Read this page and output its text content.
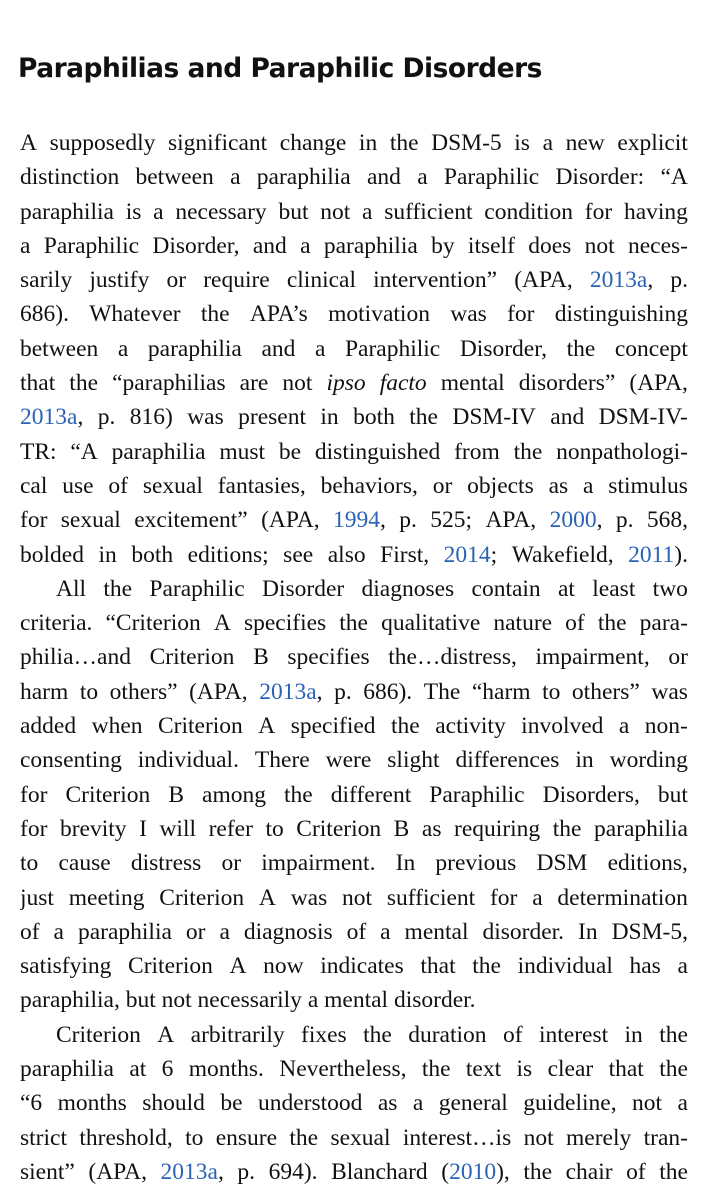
Paraphilias and Paraphilic Disorders
A supposedly significant change in the DSM-5 is a new explicit
distinction between a paraphilia and a Paraphilic Disorder: “A
paraphilia is a necessary but not a sufficient condition for having
a Paraphilic Disorder, and a paraphilia by itself does not neces-
sarily justify or require clinical intervention” (APA, 2013a, p.
686). Whatever the APA’s motivation was for distinguishing
between a paraphilia and a Paraphilic Disorder, the concept
that the “paraphilias are not ipso facto mental disorders” (APA,
2013a, p. 816) was present in both the DSM-IV and DSM-IV-
TR: “A paraphilia must be distinguished from the nonpathologi-
cal use of sexual fantasies, behaviors, or objects as a stimulus
for sexual excitement” (APA, 1994, p. 525; APA, 2000, p. 568,
bolded in both editions; see also First, 2014; Wakefield, 2011).
All the Paraphilic Disorder diagnoses contain at least two
criteria. “Criterion A specifies the qualitative nature of the para-
philia…and Criterion B specifies the…distress, impairment, or
harm to others” (APA, 2013a, p. 686). The “harm to others” was
added when Criterion A specified the activity involved a non-
consenting individual. There were slight differences in wording
for Criterion B among the different Paraphilic Disorders, but
for brevity I will refer to Criterion B as requiring the paraphilia
to cause distress or impairment. In previous DSM editions,
just meeting Criterion A was not sufficient for a determination
of a paraphilia or a diagnosis of a mental disorder. In DSM-5,
satisfying Criterion A now indicates that the individual has a
paraphilia,
but
not
necessarily
a
mental
disorder.
Criterion A arbitrarily fixes the duration of interest in the
paraphilia at 6 months. Nevertheless, the text is clear that the
“6 months should be understood as a general guideline, not a
strict threshold, to ensure the sexual interest…is not merely tran-
sient” (APA, 2013a, p. 694). Blanchard (2010), the chair of the
